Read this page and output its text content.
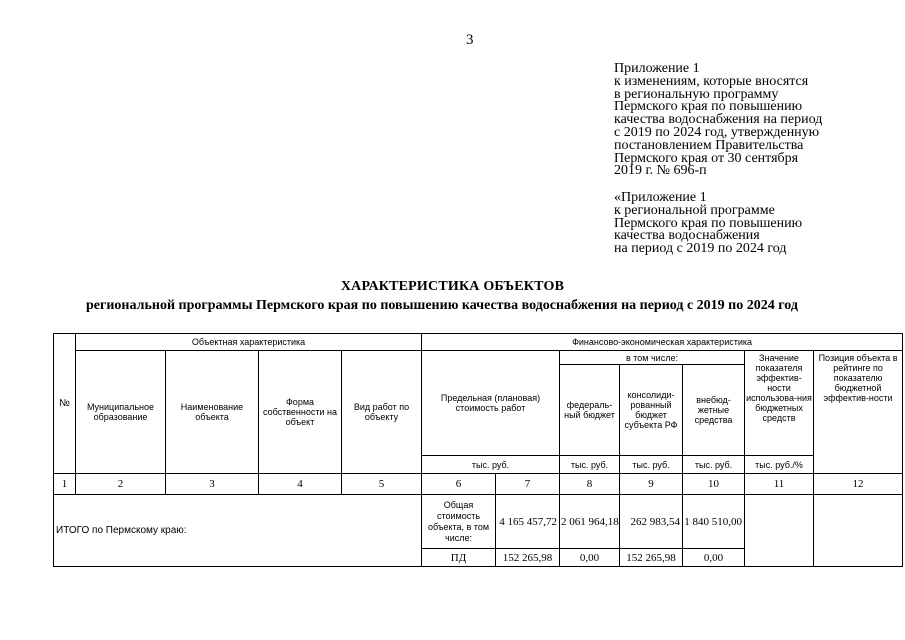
3
Приложение 1
к изменениям, которые вносятся
в региональную программу
Пермского края по повышению
качества водоснабжения на период
с 2019 по 2024 год, утвержденную
постановлением Правительства
Пермского края от 30 сентября
2019 г. № 696-п
«Приложение 1
к региональной программе
Пермского края по повышению
качества водоснабжения
на период с 2019 по 2024 год
ХАРАКТЕРИСТИКА ОБЪЕКТОВ
региональной программы Пермского края по повышению качества водоснабжения на период с 2019 по 2024 год
№	Объектная характеристика				Финансово-экономическая характеристика						
	Муниципальное образование	Наименование объекта	Форма собственности на объект	Вид работ по объекту	Предельная (плановая) стоимость работ		в том числе:			Значение показателя эффектив-ности использова-ния бюджетных средств	Позиция объекта в рейтинге по показателю бюджетной эффектив-ности
							федераль-ный бюджет	консолиди-рованный бюджет субъекта РФ	внебюд-жетные средства		
					тыс. руб.		тыс. руб.	тыс. руб.	тыс. руб.	тыс. руб./%	
1	2	3	4	5	6	7	8	9	10	11	12
ИТОГО по Пермскому краю:					Общая стоимость объекта, в том числе:	4 165 457,72	2 061 964,18	262 983,54	1 840 510,00		
					ПД	152 265,98	0,00	152 265,98	0,00		
